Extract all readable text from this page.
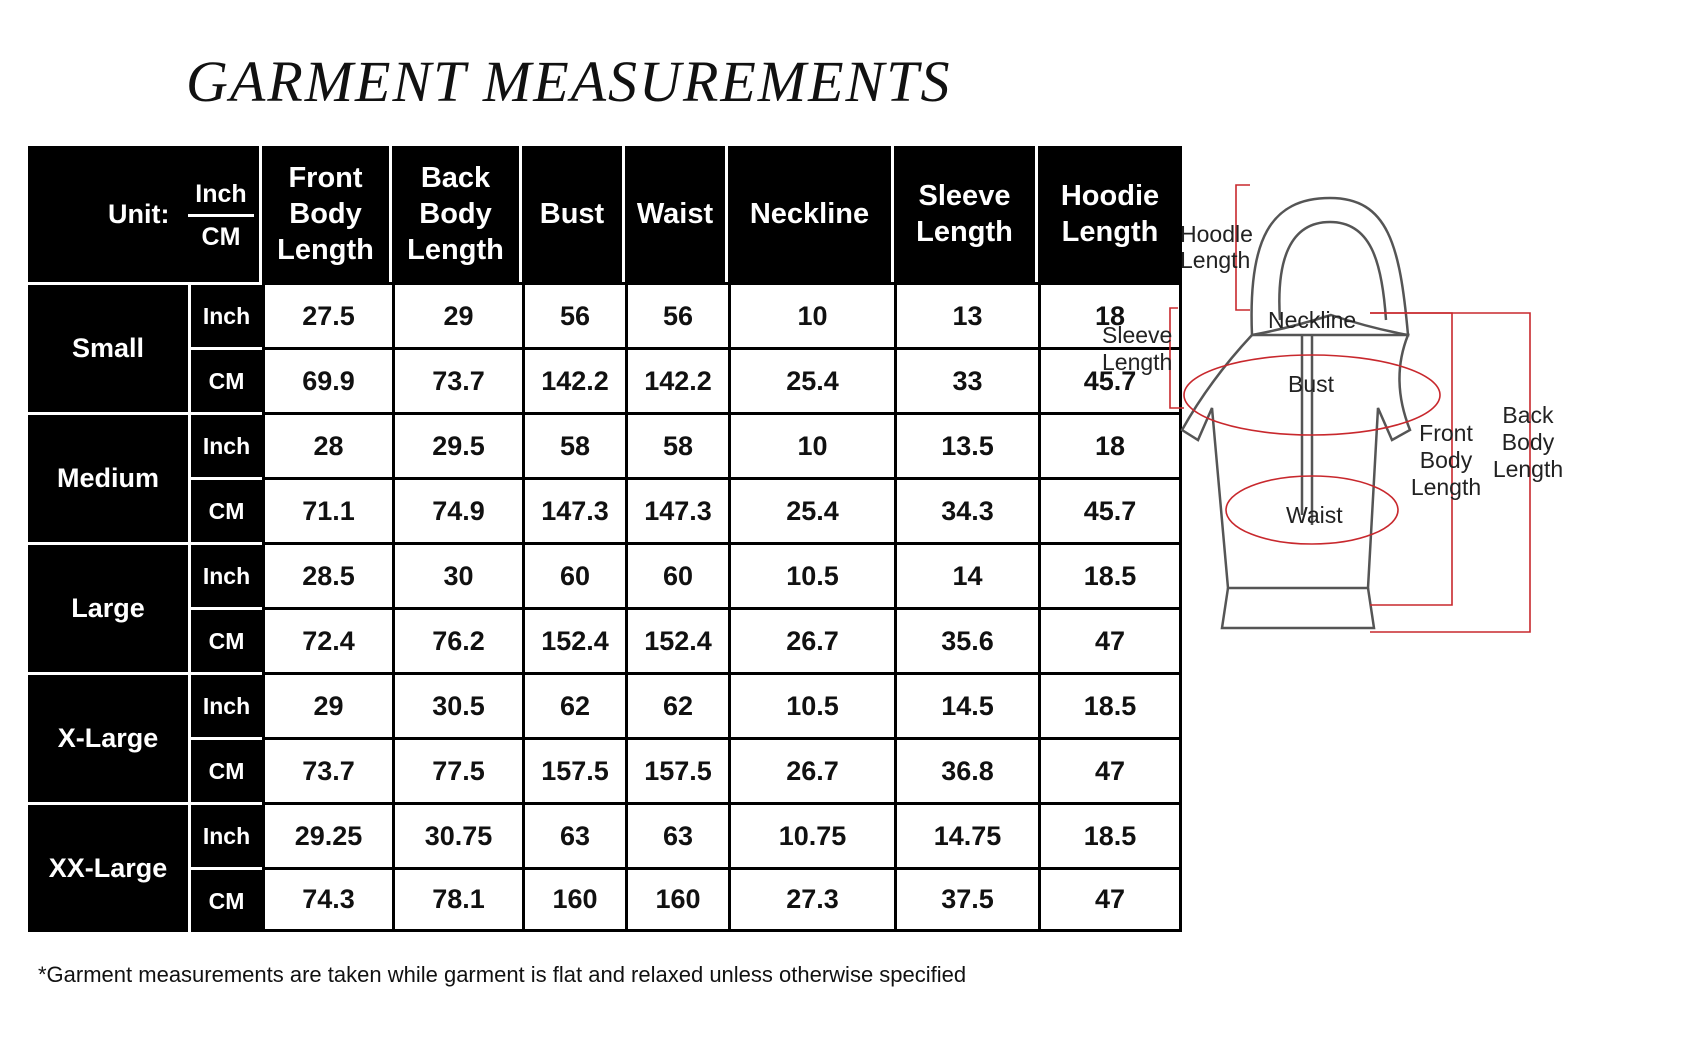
GARMENT MEASUREMENTS
Unit:
Inch
CM		Front Body Length	Back Body Length	Bust	Waist	Neckline	Sleeve Length	Hoodie Length
Small	Inch	27.5	29	56	56	10	13	18
	CM	69.9	73.7	142.2	142.2	25.4	33	45.7
Medium	Inch	28	29.5	58	58	10	13.5	18
	CM	71.1	74.9	147.3	147.3	25.4	34.3	45.7
Large	Inch	28.5	30	60	60	10.5	14	18.5
	CM	72.4	76.2	152.4	152.4	26.7	35.6	47
X-Large	Inch	29	30.5	62	62	10.5	14.5	18.5
	CM	73.7	77.5	157.5	157.5	26.7	36.8	47
XX-Large	Inch	29.25	30.75	63	63	10.75	14.75	18.5
	CM	74.3	78.1	160	160	27.3	37.5	47
Hoodle
Length
Neckline
Sleeve
Length
Bust
Waist
Front
Body
Length
Back
Body
Length

*Garment measurements are taken while garment is flat and relaxed unless otherwise specified
